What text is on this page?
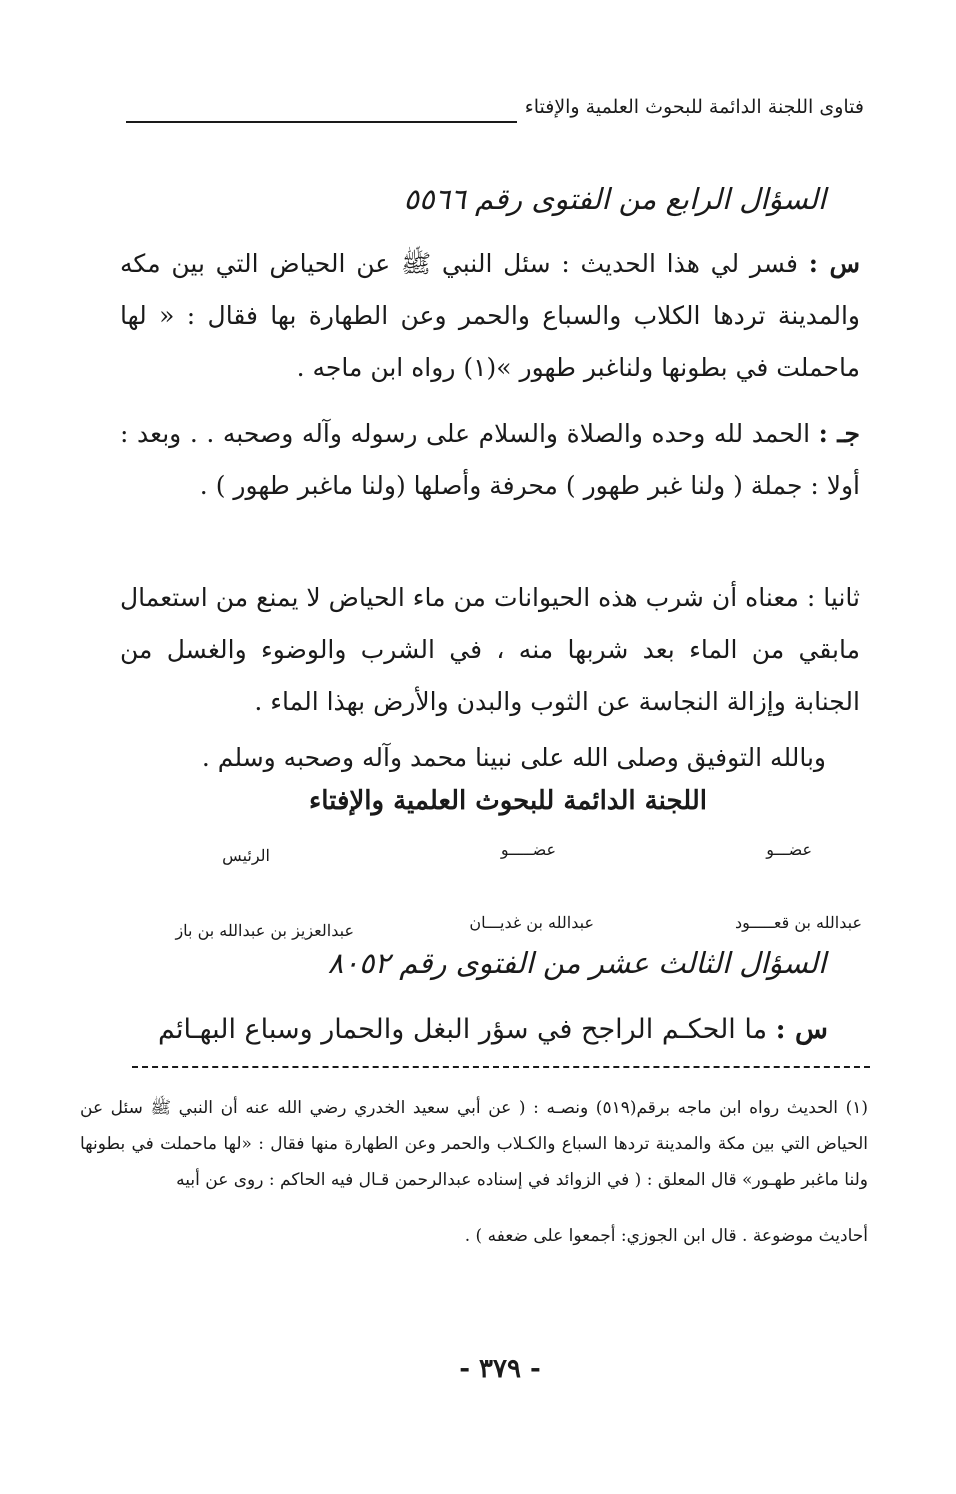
فتاوى اللجنة الدائمة للبحوث العلمية والإفتاء
السؤال الرابع من الفتوى رقم ٥٥٦٦
س : فسر لي هذا الحديث : سئل النبي ﷺ عن الحياض التي بين مكه والمدينة تردها الكلاب والسباع والحمر وعن الطهارة بها فقال : « لها ماحملت في بطونها ولناغبر طهور »(١) رواه ابن ماجه .
جـ : الحمد لله وحده والصلاة والسلام على رسوله وآله وصحبه . . وبعد : أولا : جملة ( ولنا غبر طهور ) محرفة وأصلها (ولنا ماغبر طهور ) .
ثانيا : معناه أن شرب هذه الحيوانات من ماء الحياض لا يمنع من استعمال مابقي من الماء بعد شربها منه ، في الشرب والوضوء والغسل من الجنابة وإزالة النجاسة عن الثوب والبدن والأرض بهذا الماء .
وبالله التوفيق وصلى الله على نبينا محمد وآله وصحبه وسلم .
اللجنة الدائمة للبحوث العلمية والإفتاء
عضـــو
عضـــــو
الرئيس
عبدالله بن قعـــــود
عبدالله بن غديـــان
عبدالعزيز بن عبدالله بن باز
السؤال الثالث عشر من الفتوى رقم ٨٠٥٢
س : ما الحكـم الراجح في سؤر البغل والحمار وسباع البهـائم
(١) الحديث رواه ابن ماجه برقم(٥١٩) ونصـه : ( عن أبي سعيد الخدري رضي الله عنه أن النبي ﷺ سئل عن الحياض التي بين مكة والمدينة تردها السباع والكـلاب والحمر وعن الطهارة منها فقال : «لها ماحملت في بطونها ولنا ماغبر طهـور» قال المعلق : ( في الزوائد في إسناده عبدالرحمن قـال فيه الحاكم : روى عن أبيه
أحاديث موضوعة . قال ابن الجوزي: أجمعوا على ضعفه ) .
- ٣٧٩ -
